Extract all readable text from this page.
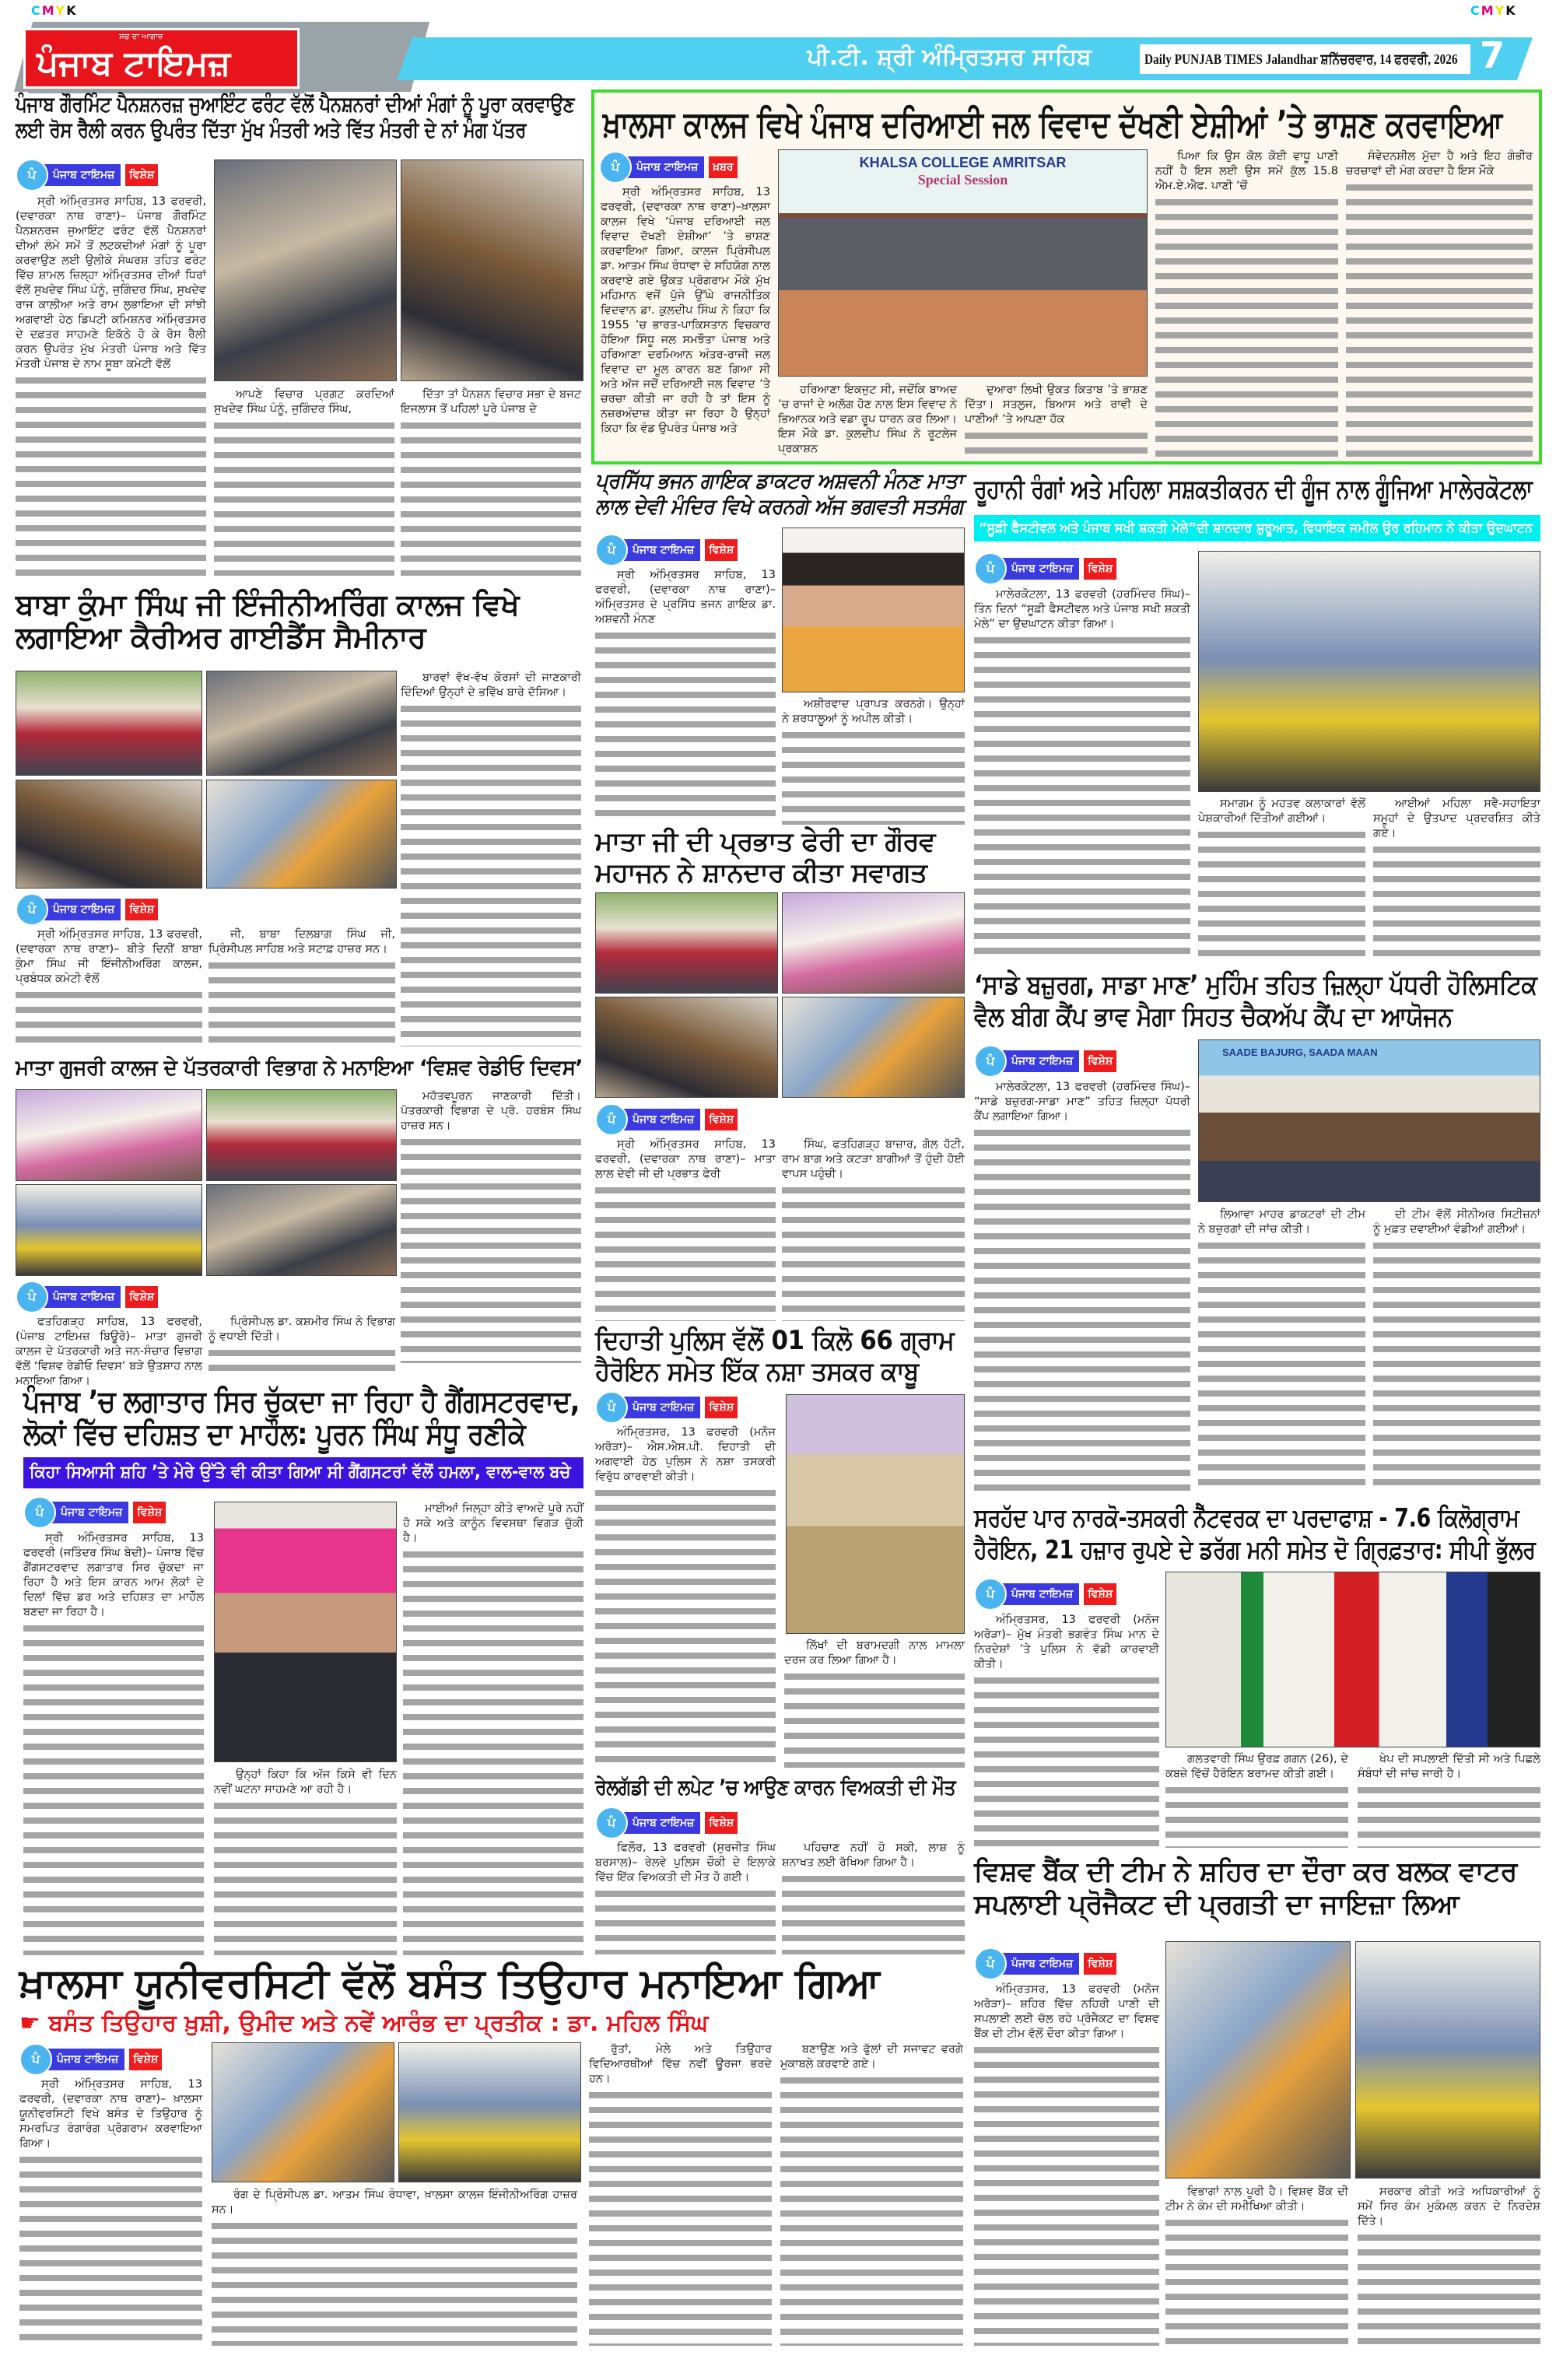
CMYK	CMYK
ਸਚ ਦਾ ਆਗਾਜ਼
ਪੰਜਾਬ ਟਾਇਮਜ਼	ਪੀ.ਟੀ. ਸ਼੍ਰੀ ਅੰਮ੍ਰਿਤਸਰ ਸਾਹਿਬ	Daily PUNJAB TIMES Jalandhar ਸ਼ਨਿੱਚਰਵਾਰ, 14 ਫਰਵਰੀ, 2026 7
ਪੰਜਾਬ ਗੌਰਮਿੰਟ ਪੈਨਸ਼ਨਰਜ਼ ਜੁਆਇੰਟ ਫਰੰਟ ਵੱਲੋਂ ਪੈਨਸ਼ਨਰਾਂ ਦੀਆਂ ਮੰਗਾਂ ਨੂੰ ਪੂਰਾ ਕਰਵਾਉਣ ਲਈ ਰੋਸ ਰੈਲੀ ਕਰਨ ਉਪਰੰਤ ਦਿੱਤਾ ਮੁੱਖ ਮੰਤਰੀ ਅਤੇ ਵਿੱਤ ਮੰਤਰੀ ਦੇ ਨਾਂ ਮੰਗ ਪੱਤਰ
ਪੰ	ਪੰਜਾਬ ਟਾਇਮਜ਼	ਵਿਸ਼ੇਸ਼

ਸ੍ਰੀ ਅੰਮ੍ਰਿਤਸਰ ਸਾਹਿਬ, 13 ਫਰਵਰੀ, (ਦਵਾਰਕਾ ਨਾਥ ਰਾਣਾ)– ਪੰਜਾਬ ਗੌਰਮਿੰਟ ਪੈਨਸ਼ਨਰਜ ਜੁਆਇੰਟ ਫਰੰਟ ਵੱਲੋਂ ਪੈਨਸ਼ਨਰਾਂ ਦੀਆਂ ਲੰਮੇ ਸਮੇਂ ਤੋਂ ਲਟਕਦੀਆਂ ਮੰਗਾਂ ਨੂੰ ਪੂਰਾ ਕਰਵਾਉਣ ਲਈ ਉਲੀਕੇ ਸੰਘਰਸ਼ ਤਹਿਤ ਫਰੰਟ ਵਿੱਚ ਸ਼ਾਮਲ ਜ਼ਿਲ੍ਹਾ ਅੰਮ੍ਰਿਤਸਰ ਦੀਆਂ ਧਿਰਾਂ ਵੱਲੋਂ ਸੁਖਦੇਵ ਸਿੰਘ ਪੰਨੂੰ, ਜੁਗਿੰਦਰ ਸਿੰਘ, ਸੁਖਦੇਵ ਰਾਜ ਕਾਲੀਆ ਅਤੇ ਰਾਮ ਲੁਭਾਇਆ ਦੀ ਸਾਂਝੀ ਅਗਵਾਈ ਹੇਠ ਡਿਪਟੀ ਕਮਿਸ਼ਨਰ ਅੰਮ੍ਰਿਤਸਰ ਦੇ ਦਫ਼ਤਰ ਸਾਹਮਣੇ ਇਕੱਠੇ ਹੋ ਕੇ ਰੋਸ ਰੈਲੀ ਕਰਨ ਉਪਰੰਤ ਮੁੱਖ ਮੰਤਰੀ ਪੰਜਾਬ ਅਤੇ ਵਿੱਤ ਮੰਤਰੀ ਪੰਜਾਬ ਦੇ ਨਾਮ ਸੂਬਾ ਕਮੇਟੀ ਵੱਲੋਂ

ਆਪਣੇ ਵਿਚਾਰ ਪ੍ਰਗਟ ਕਰਦਿਆਂ ਸੁਖਦੇਵ ਸਿੰਘ ਪੰਨੂੰ, ਜੁਗਿੰਦਰ ਸਿੰਘ,

ਦਿੱਤਾ ਤਾਂ ਪੈਨਸ਼ਨ ਵਿਚਾਰ ਸਭਾ ਦੇ ਬਜਟ ਇਜਲਾਸ ਤੋਂ ਪਹਿਲਾਂ ਪੂਰੇ ਪੰਜਾਬ ਦੇ

ਬਾਬਾ ਕੁੰਮਾ ਸਿੰਘ ਜੀ ਇੰਜੀਨੀਅਰਿੰਗ ਕਾਲਜ ਵਿਖੇ ਲਗਾਇਆ ਕੈਰੀਅਰ ਗਾਈਡੈਂਸ ਸੈਮੀਨਾਰ

ਬਾਰਵਾਂ ਵੱਖ-ਵੱਖ ਕੋਰਸਾਂ ਦੀ ਜਾਣਕਾਰੀ ਦਿੰਦਿਆਂ ਉਨ੍ਹਾਂ ਦੇ ਭਵਿੱਖ ਬਾਰੇ ਦੱਸਿਆ।

ਪੰ	ਪੰਜਾਬ ਟਾਇਮਜ਼	ਵਿਸ਼ੇਸ਼

ਸ੍ਰੀ ਅੰਮ੍ਰਿਤਸਰ ਸਾਹਿਬ, 13 ਫਰਵਰੀ, (ਦਵਾਰਕਾ ਨਾਥ ਰਾਣਾ)– ਬੀਤੇ ਦਿਨੀਂ ਬਾਬਾ ਕੁੰਮਾ ਸਿੰਘ ਜੀ ਇੰਜੀਨੀਅਰਿੰਗ ਕਾਲਜ, ਪ੍ਰਬੰਧਕ ਕਮੇਟੀ ਵੱਲੋਂ

ਜੀ, ਬਾਬਾ ਦਿਲਬਾਗ ਸਿੰਘ ਜੀ, ਪ੍ਰਿੰਸੀਪਲ ਸਾਹਿਬ ਅਤੇ ਸਟਾਫ਼ ਹਾਜ਼ਰ ਸਨ।

ਮਾਤਾ ਗੁਜਰੀ ਕਾਲਜ ਦੇ ਪੱਤਰਕਾਰੀ ਵਿਭਾਗ ਨੇ ਮਨਾਇਆ ‘ਵਿਸ਼ਵ ਰੇਡੀਓ ਦਿਵਸ’

ਮਹੱਤਵਪੂਰਨ ਜਾਣਕਾਰੀ ਦਿੱਤੀ। ਪੱਤਰਕਾਰੀ ਵਿਭਾਗ ਦੇ ਪ੍ਰੋ. ਹਰਬੰਸ ਸਿੰਘ ਹਾਜ਼ਰ ਸਨ।

ਪੰ	ਪੰਜਾਬ ਟਾਇਮਜ਼	ਵਿਸ਼ੇਸ਼

ਫਤਹਿਗੜ੍ਹ ਸਾਹਿਬ, 13 ਫਰਵਰੀ, (ਪੰਜਾਬ ਟਾਇਮਜ਼ ਬਿਊਰੋ)– ਮਾਤਾ ਗੁਜਰੀ ਕਾਲਜ ਦੇ ਪੱਤਰਕਾਰੀ ਅਤੇ ਜਨ-ਸੰਚਾਰ ਵਿਭਾਗ ਵੱਲੋਂ ‘ਵਿਸ਼ਵ ਰੇਡੀਓ ਦਿਵਸ’ ਬੜੇ ਉਤਸ਼ਾਹ ਨਾਲ ਮਨਾਇਆ ਗਿਆ।

ਪ੍ਰਿੰਸੀਪਲ ਡਾ. ਕਸ਼ਮੀਰ ਸਿੰਘ ਨੇ ਵਿਭਾਗ ਨੂੰ ਵਧਾਈ ਦਿੱਤੀ।

ਪੰਜਾਬ ’ਚ ਲਗਾਤਾਰ ਸਿਰ ਚੁੱਕਦਾ ਜਾ ਰਿਹਾ ਹੈ ਗੈਂਗਸਟਰਵਾਦ, ਲੋਕਾਂ ਵਿੱਚ ਦਹਿਸ਼ਤ ਦਾ ਮਾਹੌਲ: ਪੂਰਨ ਸਿੰਘ ਸੰਧੂ ਰਣੀਕੇ
ਕਿਹਾ ਸਿਆਸੀ ਸ਼ਹਿ ’ਤੇ ਮੇਰੇ ਉੱਤੇ ਵੀ ਕੀਤਾ ਗਿਆ ਸੀ ਗੈਂਗਸਟਰਾਂ ਵੱਲੋਂ ਹਮਲਾ, ਵਾਲ-ਵਾਲ ਬਚੇ
ਪੰ	ਪੰਜਾਬ ਟਾਇਮਜ਼	ਵਿਸ਼ੇਸ਼

ਸ੍ਰੀ ਅੰਮ੍ਰਿਤਸਰ ਸਾਹਿਬ, 13 ਫਰਵਰੀ (ਜਤਿੰਦਰ ਸਿੰਘ ਬੇਦੀ)– ਪੰਜਾਬ ਵਿੱਚ ਗੈਂਗਸਟਰਵਾਦ ਲਗਾਤਾਰ ਸਿਰ ਚੁੱਕਦਾ ਜਾ ਰਿਹਾ ਹੈ ਅਤੇ ਇਸ ਕਾਰਨ ਆਮ ਲੋਕਾਂ ਦੇ ਦਿਲਾਂ ਵਿੱਚ ਡਰ ਅਤੇ ਦਹਿਸ਼ਤ ਦਾ ਮਾਹੌਲ ਬਣਦਾ ਜਾ ਰਿਹਾ ਹੈ।

ਉਨ੍ਹਾਂ ਕਿਹਾ ਕਿ ਅੱਜ ਕਿਸੇ ਵੀ ਦਿਨ ਨਵੀਂ ਘਟਨਾ ਸਾਹਮਣੇ ਆ ਰਹੀ ਹੈ।

ਮਾਈਆਂ ਜਿਲ੍ਹਾ ਕੀਤੇ ਵਾਅਦੇ ਪੂਰੇ ਨਹੀਂ ਹੋ ਸਕੇ ਅਤੇ ਕਾਨੂੰਨ ਵਿਵਸਥਾ ਵਿਗੜ ਚੁੱਕੀ ਹੈ।

ਖ਼ਾਲਸਾ ਯੂਨੀਵਰਸਿਟੀ ਵੱਲੋਂ ਬਸੰਤ ਤਿਉਹਾਰ ਮਨਾਇਆ ਗਿਆ
☛ ਬਸੰਤ ਤਿਉਹਾਰ ਖ਼ੁਸ਼ੀ, ਉਮੀਦ ਅਤੇ ਨਵੇਂ ਆਰੰਭ ਦਾ ਪ੍ਰਤੀਕ : ਡਾ. ਮਹਿਲ ਸਿੰਘ
ਪੰ	ਪੰਜਾਬ ਟਾਇਮਜ਼	ਵਿਸ਼ੇਸ਼

ਸ੍ਰੀ ਅੰਮ੍ਰਿਤਸਰ ਸਾਹਿਬ, 13 ਫਰਵਰੀ, (ਦਵਾਰਕਾ ਨਾਥ ਰਾਣਾ)– ਖ਼ਾਲਸਾ ਯੂਨੀਵਰਸਿਟੀ ਵਿਖੇ ਬਸੰਤ ਦੇ ਤਿਉਹਾਰ ਨੂੰ ਸਮਰਪਿਤ ਰੰਗਾਰੰਗ ਪ੍ਰੋਗਰਾਮ ਕਰਵਾਇਆ ਗਿਆ।

ਰੰਗ ਦੇ ਪ੍ਰਿੰਸੀਪਲ ਡਾ. ਆਤਮ ਸਿੰਘ ਰੰਧਾਵਾ, ਖ਼ਾਲਸਾ ਕਾਲਜ ਇੰਜੀਨੀਅਰਿੰਗ ਹਾਜ਼ਰ ਸਨ।

ਰੁੱਤਾਂ, ਮੇਲੇ ਅਤੇ ਤਿਉਹਾਰ ਵਿਦਿਆਰਥੀਆਂ ਵਿੱਚ ਨਵੀਂ ਊਰਜਾ ਭਰਦੇ ਹਨ।

ਬਣਾਉਣ ਅਤੇ ਫੁੱਲਾਂ ਦੀ ਸਜਾਵਟ ਵਰਗੇ ਮੁਕਾਬਲੇ ਕਰਵਾਏ ਗਏ।

ਖ਼ਾਲਸਾ ਕਾਲਜ ਵਿਖੇ ਪੰਜਾਬ ਦਰਿਆਈ ਜਲ ਵਿਵਾਦ ਦੱਖਣੀ ਏਸ਼ੀਆਂ ’ਤੇ ਭਾਸ਼ਣ ਕਰਵਾਇਆ
ਪੰ	ਪੰਜਾਬ ਟਾਇਮਜ਼	ਖ਼ਬਰ

ਸ੍ਰੀ ਅੰਮ੍ਰਿਤਸਰ ਸਾਹਿਬ, 13 ਫਰਵਰੀ, (ਦਵਾਰਕਾ ਨਾਥ ਰਾਣਾ)–ਖ਼ਾਲਸਾ ਕਾਲਜ ਵਿਖੇ ‘ਪੰਜਾਬ ਦਰਿਆਈ ਜਲ ਵਿਵਾਦ ਦੱਖਣੀ ਏਸ਼ੀਆ’ ’ਤੇ ਭਾਸ਼ਣ ਕਰਵਾਇਆ ਗਿਆ, ਕਾਲਜ ਪ੍ਰਿੰਸੀਪਲ ਡਾ. ਆਤਮ ਸਿੰਘ ਰੰਧਾਵਾ ਦੇ ਸਹਿਯੋਗ ਨਾਲ ਕਰਵਾਏ ਗਏ ਉਕਤ ਪ੍ਰੋਗਰਾਮ ਮੌਕੇ ਮੁੱਖ ਮਹਿਮਾਨ ਵਜੋਂ ਪੁੱਜੇ ਉੱਘੇ ਰਾਜਨੀਤਿਕ ਵਿਦਵਾਨ ਡਾ. ਕੁਲਦੀਪ ਸਿੰਘ ਨੇ ਕਿਹਾ ਕਿ 1955 ’ਚ ਭਾਰਤ-ਪਾਕਿਸਤਾਨ ਵਿਚਕਾਰ ਹੋਇਆ ਸਿੰਧੂ ਜਲ ਸਮਝੌਤਾ ਪੰਜਾਬ ਅਤੇ ਹਰਿਆਣਾ ਦਰਮਿਆਨ ਅੰਤਰ-ਰਾਜੀ ਜਲ ਵਿਵਾਦ ਦਾ ਮੂਲ ਕਾਰਨ ਬਣ ਗਿਆ ਸੀ ਅਤੇ ਅੱਜ ਜਦੋਂ ਦਰਿਆਈ ਜਲ ਵਿਵਾਦ ’ਤੇ ਚਰਚਾ ਕੀਤੀ ਜਾ ਰਹੀ ਹੈ ਤਾਂ ਇਸ ਨੂੰ ਨਜ਼ਰਅੰਦਾਜ਼ ਕੀਤਾ ਜਾ ਰਿਹਾ ਹੈ ਉਨ੍ਹਾਂ ਕਿਹਾ ਕਿ ਵੰਡ ਉਪਰੰਤ ਪੰਜਾਬ ਅਤੇ

KHALSA COLLEGE AMRITSAR
Special Session

ਹਰਿਆਣਾ ਇਕਜੁਟ ਸੀ, ਜਦੋਂਕਿ ਬਾਅਦ ’ਚ ਰਾਜਾਂ ਦੇ ਅਲੱਗ ਹੋਣ ਨਾਲ ਇਸ ਵਿਵਾਦ ਨੇ ਭਿਆਨਕ ਅਤੇ ਵਡਾ ਰੂਪ ਧਾਰਨ ਕਰ ਲਿਆ। ਇਸ ਮੌਕੇ ਡਾ. ਕੁਲਦੀਪ ਸਿੰਘ ਨੇ ਰੂਟਲੇਜ ਪ੍ਰਕਾਸ਼ਨ

ਦੁਆਰਾ ਲਿਖੀ ਉਕਤ ਕਿਤਾਬ ’ਤੇ ਭਾਸ਼ਣ ਦਿੱਤਾ। ਸਤਲੁਜ, ਬਿਆਸ ਅਤੇ ਰਾਵੀ ਦੇ ਪਾਣੀਆਂ ’ਤੇ ਆਪਣਾ ਹੱਕ

ਪਿਆ ਕਿ ਉਸ ਕੋਲ ਕੋਈ ਵਾਧੂ ਪਾਣੀ ਨਹੀਂ ਹੈ ਇਸ ਲਈ ਉਸ ਸਮੇਂ ਕੁੱਲ 15.8 ਐਮ.ਏ.ਐਫ. ਪਾਣੀ ’ਚੋਂ

ਸੰਵੇਦਨਸ਼ੀਲ ਮੁੱਦਾ ਹੈ ਅਤੇ ਇਹ ਗੰਭੀਰ ਚਰਚਾਵਾਂ ਦੀ ਮੰਗ ਕਰਦਾ ਹੈ ਇਸ ਮੌਕੇ

ਪ੍ਰਸਿੱਧ ਭਜਨ ਗਾਇਕ ਡਾਕਟਰ ਅਸ਼ਵਨੀ ਮੰਨਣ ਮਾਤਾ ਲਾਲ ਦੇਵੀ ਮੰਦਿਰ ਵਿਖੇ ਕਰਨਗੇ ਅੱਜ ਭਗਵਤੀ ਸਤਸੰਗ
ਪੰ	ਪੰਜਾਬ ਟਾਇਮਜ਼	ਵਿਸ਼ੇਸ਼

ਸ੍ਰੀ ਅੰਮ੍ਰਿਤਸਰ ਸਾਹਿਬ, 13 ਫਰਵਰੀ, (ਦਵਾਰਕਾ ਨਾਥ ਰਾਣਾ)– ਅੰਮ੍ਰਿਤਸਰ ਦੇ ਪ੍ਰਸਿੱਧ ਭਜਨ ਗਾਇਕ ਡਾ. ਅਸ਼ਵਨੀ ਮੰਨਣ

ਅਸ਼ੀਰਵਾਦ ਪ੍ਰਾਪਤ ਕਰਨਗੇ। ਉਨ੍ਹਾਂ ਨੇ ਸ਼ਰਧਾਲੂਆਂ ਨੂੰ ਅਪੀਲ ਕੀਤੀ।

ਮਾਤਾ ਜੀ ਦੀ ਪ੍ਰਭਾਤ ਫੇਰੀ ਦਾ ਗੌਰਵ ਮਹਾਜਨ ਨੇ ਸ਼ਾਨਦਾਰ ਕੀਤਾ ਸਵਾਗਤ
ਪੰ	ਪੰਜਾਬ ਟਾਇਮਜ਼	ਵਿਸ਼ੇਸ਼

ਸ੍ਰੀ ਅੰਮ੍ਰਿਤਸਰ ਸਾਹਿਬ, 13 ਫਰਵਰੀ, (ਦਵਾਰਕਾ ਨਾਥ ਰਾਣਾ)– ਮਾਤਾ ਲਾਲ ਦੇਵੀ ਜੀ ਦੀ ਪ੍ਰਭਾਤ ਫੇਰੀ

ਸਿੰਘ, ਫਤਹਿਗੜ੍ਹ ਬਾਜ਼ਾਰ, ਗੋਲ ਹੱਟੀ, ਰਾਮ ਬਾਗ ਅਤੇ ਕਟੜਾ ਬਾਗੀਆਂ ਤੋਂ ਹੁੰਦੀ ਹੋਈ ਵਾਪਸ ਪਹੁੰਚੀ।

ਦਿਹਾਤੀ ਪੁਲਿਸ ਵੱਲੋਂ 01 ਕਿਲੋ 66 ਗ੍ਰਾਮ ਹੈਰੋਇਨ ਸਮੇਤ ਇੱਕ ਨਸ਼ਾ ਤਸਕਰ ਕਾਬੂ
ਪੰ	ਪੰਜਾਬ ਟਾਇਮਜ਼	ਵਿਸ਼ੇਸ਼

ਅੰਮ੍ਰਿਤਸਰ, 13 ਫਰਵਰੀ (ਮਨੋਜ ਅਰੋੜਾ)– ਐਸ.ਐਸ.ਪੀ. ਦਿਹਾਤੀ ਦੀ ਅਗਵਾਈ ਹੇਠ ਪੁਲਿਸ ਨੇ ਨਸ਼ਾ ਤਸਕਰੀ ਵਿਰੁੱਧ ਕਾਰਵਾਈ ਕੀਤੀ।

ਲਿੱਖਾਂ ਦੀ ਬਰਾਮਦਗੀ ਨਾਲ ਮਾਮਲਾ ਦਰਜ ਕਰ ਲਿਆ ਗਿਆ ਹੈ।

ਰੇਲਗੱਡੀ ਦੀ ਲਪੇਟ ’ਚ ਆਉਣ ਕਾਰਨ ਵਿਅਕਤੀ ਦੀ ਮੌਤ
ਪੰ	ਪੰਜਾਬ ਟਾਇਮਜ਼	ਵਿਸ਼ੇਸ਼

ਫਿਲੌਰ, 13 ਫਰਵਰੀ (ਸੁਰਜੀਤ ਸਿੰਘ ਬਰਸਾਲ)– ਰੇਲਵੇ ਪੁਲਿਸ ਚੌਕੀ ਦੇ ਇਲਾਕੇ ਵਿੱਚ ਇੱਕ ਵਿਅਕਤੀ ਦੀ ਮੌਤ ਹੋ ਗਈ।

ਪਹਿਚਾਣ ਨਹੀਂ ਹੋ ਸਕੀ, ਲਾਸ਼ ਨੂੰ ਸ਼ਨਾਖਤ ਲਈ ਰੱਖਿਆ ਗਿਆ ਹੈ।

ਰੂਹਾਨੀ ਰੰਗਾਂ ਅਤੇ ਮਹਿਲਾ ਸਸ਼ਕਤੀਕਰਨ ਦੀ ਗੂੰਜ ਨਾਲ ਗੂੰਜਿਆ ਮਾਲੇਰਕੋਟਲਾ
“ਸੂਫ਼ੀ ਫੈਸਟੀਵਲ ਅਤੇ ਪੰਜਾਬ ਸਖੀ ਸ਼ਕਤੀ ਮੇਲੇ”ਦੀ ਸ਼ਾਨਦਾਰ ਸ਼ੁਰੂਆਤ, ਵਿਧਾਇਕ ਜਮੀਲ ਉਰ ਰਹਿਮਾਨ ਨੇ ਕੀਤਾ ਉਦਘਾਟਨ
ਪੰ	ਪੰਜਾਬ ਟਾਇਮਜ਼	ਵਿਸ਼ੇਸ਼

ਮਾਲੇਰਕੋਟਲਾ, 13 ਫਰਵਰੀ (ਹਰਮਿੰਦਰ ਸਿੰਘ)– ਤਿੰਨ ਦਿਨਾਂ “ਸੂਫ਼ੀ ਫੈਸਟੀਵਲ ਅਤੇ ਪੰਜਾਬ ਸਖੀ ਸ਼ਕਤੀ ਮੇਲੇ” ਦਾ ਉਦਘਾਟਨ ਕੀਤਾ ਗਿਆ।

ਸਮਾਗਮ ਨੂੰ ਮਹਤਵ ਕਲਾਕਾਰਾਂ ਵੱਲੋਂ ਪੇਸ਼ਕਾਰੀਆਂ ਦਿੱਤੀਆਂ ਗਈਆਂ।

ਆਈਆਂ ਮਹਿਲਾ ਸਵੈ-ਸਹਾਇਤਾ ਸਮੂਹਾਂ ਦੇ ਉਤਪਾਦ ਪ੍ਰਦਰਸ਼ਿਤ ਕੀਤੇ ਗਏ।

‘ਸਾਡੇ ਬਜ਼ੁਰਗ, ਸਾਡਾ ਮਾਣ’ ਮੁਹਿੰਮ ਤਹਿਤ ਜ਼ਿਲ੍ਹਾ ਪੱਧਰੀ ਹੋਲਿਸਟਿਕ ਵੈਲ ਬੀਗ ਕੈਂਪ ਭਾਵ ਮੈਗਾ ਸਿਹਤ ਚੈਕਅੱਪ ਕੈਂਪ ਦਾ ਆਯੋਜਨ
ਪੰ	ਪੰਜਾਬ ਟਾਇਮਜ਼	ਵਿਸ਼ੇਸ਼
SAADE BAJURG, SAADA MAAN

ਮਾਲੇਰਕੋਟਲਾ, 13 ਫਰਵਰੀ (ਹਰਮਿੰਦਰ ਸਿੰਘ)– “ਸਾਡੇ ਬਜ਼ੁਰਗ-ਸਾਡਾ ਮਾਣ” ਤਹਿਤ ਜ਼ਿਲ੍ਹਾ ਪੱਧਰੀ ਕੈਂਪ ਲਗਾਇਆ ਗਿਆ।

ਲਿਆਵਾ ਮਾਹਰ ਡਾਕਟਰਾਂ ਦੀ ਟੀਮ ਨੇ ਬਜ਼ੁਰਗਾਂ ਦੀ ਜਾਂਚ ਕੀਤੀ।

ਦੀ ਟੀਮ ਵੱਲੋਂ ਸੀਨੀਅਰ ਸਿਟੀਜ਼ਨਾਂ ਨੂੰ ਮੁਫ਼ਤ ਦਵਾਈਆਂ ਵੰਡੀਆਂ ਗਈਆਂ।

ਸਰਹੱਦ ਪਾਰ ਨਾਰਕੋ-ਤਸਕਰੀ ਨੈੱਟਵਰਕ ਦਾ ਪਰਦਾਫਾਸ਼ - 7.6 ਕਿਲੋਗ੍ਰਾਮ ਹੈਰੋਇਨ, 21 ਹਜ਼ਾਰ ਰੁਪਏ ਦੇ ਡਰੱਗ ਮਨੀ ਸਮੇਤ ਦੋ ਗ੍ਰਿਫ਼ਤਾਰ: ਸੀਪੀ ਭੁੱਲਰ
ਪੰ	ਪੰਜਾਬ ਟਾਇਮਜ਼	ਵਿਸ਼ੇਸ਼

ਅੰਮ੍ਰਿਤਸਰ, 13 ਫਰਵਰੀ (ਮਨੋਜ ਅਰੋੜਾ)– ਮੁੱਖ ਮੰਤਰੀ ਭਗਵੰਤ ਸਿੰਘ ਮਾਨ ਦੇ ਨਿਰਦੇਸ਼ਾਂ ’ਤੇ ਪੁਲਿਸ ਨੇ ਵੱਡੀ ਕਾਰਵਾਈ ਕੀਤੀ।

ਗਲਤਵਾਰੀ ਸਿੰਘ ਉਰਫ਼ ਗਗਨ (26), ਦੇ ਕਬਜ਼ੇ ਵਿੱਚੋਂ ਹੈਰੋਇਨ ਬਰਾਮਦ ਕੀਤੀ ਗਈ।

ਖੇਪ ਦੀ ਸਪਲਾਈ ਦਿੱਤੀ ਸੀ ਅਤੇ ਪਿਛਲੇ ਸੰਬੰਧਾਂ ਦੀ ਜਾਂਚ ਜਾਰੀ ਹੈ।

ਵਿਸ਼ਵ ਬੈਂਕ ਦੀ ਟੀਮ ਨੇ ਸ਼ਹਿਰ ਦਾ ਦੌਰਾ ਕਰ ਬਲਕ ਵਾਟਰ ਸਪਲਾਈ ਪ੍ਰੋਜੈਕਟ ਦੀ ਪ੍ਰਗਤੀ ਦਾ ਜਾਇਜ਼ਾ ਲਿਆ
ਪੰ	ਪੰਜਾਬ ਟਾਇਮਜ਼	ਵਿਸ਼ੇਸ਼

ਅੰਮ੍ਰਿਤਸਰ, 13 ਫਰਵਰੀ (ਮਨੋਜ ਅਰੋੜਾ)– ਸ਼ਹਿਰ ਵਿੱਚ ਨਹਿਰੀ ਪਾਣੀ ਦੀ ਸਪਲਾਈ ਲਈ ਚੱਲ ਰਹੇ ਪ੍ਰੋਜੈਕਟ ਦਾ ਵਿਸ਼ਵ ਬੈਂਕ ਦੀ ਟੀਮ ਵੱਲੋਂ ਦੌਰਾ ਕੀਤਾ ਗਿਆ।

ਵਿਭਾਗਾਂ ਨਾਲ ਪੂਰੀ ਹੈ। ਵਿਸ਼ਵ ਬੈਂਕ ਦੀ ਟੀਮ ਨੇ ਕੰਮ ਦੀ ਸਮੀਖਿਆ ਕੀਤੀ।

ਸਰਕਾਰ ਕੀਤੀ ਅਤੇ ਅਧਿਕਾਰੀਆਂ ਨੂੰ ਸਮੇਂ ਸਿਰ ਕੰਮ ਮੁਕੰਮਲ ਕਰਨ ਦੇ ਨਿਰਦੇਸ਼ ਦਿੱਤੇ।
